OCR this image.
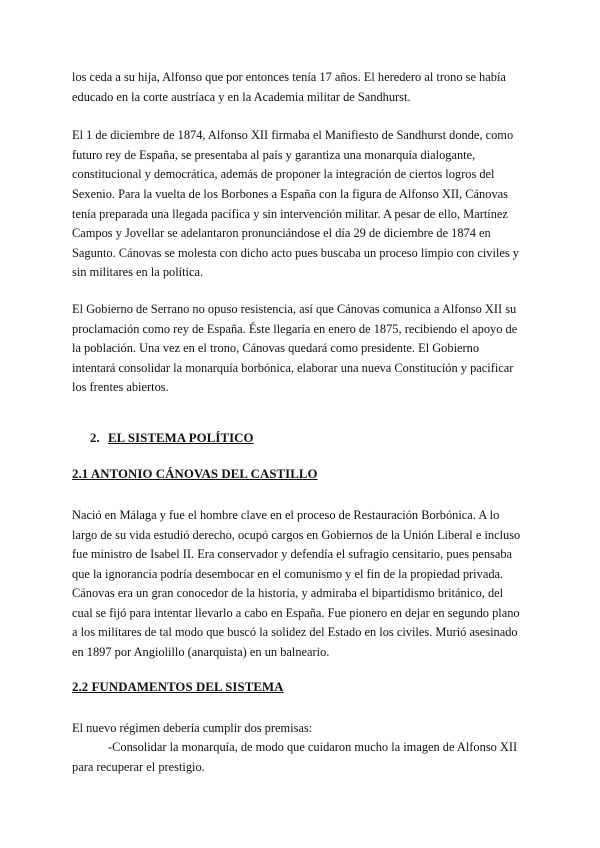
los ceda a su hija, Alfonso que por entonces tenía 17 años. El heredero al trono se había educado en la corte austríaca y en la Academia militar de Sandhurst.

El 1 de diciembre de 1874, Alfonso XII firmaba el Manifiesto de Sandhurst donde, como futuro rey de España, se presentaba al país y garantiza una monarquía dialogante, constitucional y democrática, además de proponer la integración de ciertos logros del Sexenio. Para la vuelta de los Borbones a España con la figura de Alfonso XII, Cánovas tenía preparada una llegada pacífica y sin intervención militar. A pesar de ello, Martínez Campos y Jovellar se adelantaron pronunciándose el día 29 de diciembre de 1874 en Sagunto. Cánovas se molesta con dicho acto pues buscaba un proceso limpio con civiles y sin militares en la política.

El Gobierno de Serrano no opuso resistencia, así que Cánovas comunica a Alfonso XII su proclamación como rey de España. Éste llegaría en enero de 1875, recibiendo el apoyo de la población. Una vez en el trono, Cánovas quedará como presidente. El Gobierno intentará consolidar la monarquía borbónica, elaborar una nueva Constitución y pacificar los frentes abiertos.

2. EL SISTEMA POLÍTICO
2.1 ANTONIO CÁNOVAS DEL CASTILLO

Nació en Málaga y fue el hombre clave en el proceso de Restauración Borbónica. A lo largo de su vida estudió derecho, ocupó cargos en Gobiernos de la Unión Liberal e incluso fue ministro de Isabel II. Era conservador y defendía el sufragio censitario, pues pensaba que la ignorancia podría desembocar en el comunismo y el fin de la propiedad privada. Cánovas era un gran conocedor de la historia, y admiraba el bipartidismo británico, del cual se fijó para intentar llevarlo a cabo en España. Fue pionero en dejar en segundo plano a los militares de tal modo que buscó la solidez del Estado en los civiles. Murió asesinado en 1897 por Angiolillo (anarquista) en un balneario.

2.2 FUNDAMENTOS DEL SISTEMA

El nuevo régimen debería cumplir dos premisas:

-Consolidar la monarquía, de modo que cuidaron mucho la imagen de Alfonso XII para recuperar el prestigio.
